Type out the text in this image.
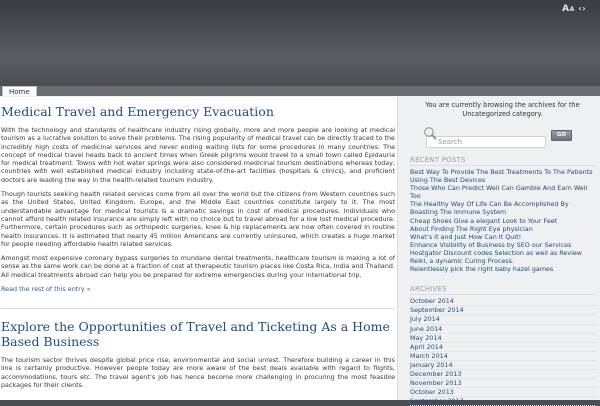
AA ‹›
Home
Medical Travel and Emergency Evacuation

With the technology and standards of healthcare industry rising globally, more and more people are looking at medical tourism as a lucrative solution to solve their problems. The rising popularity of medical travel can be directly traced to the incredibly high costs of medicinal services and never ending waiting lists for some procedures in many countries. The concept of medical travel heads back to ancient times when Greek pilgrims would travel to a small town called Epidauria for medical treatment. Towns with hot water springs were also considered medicinal tourism destinations whereas today, countries with well established medical industry including state-of-the-art facilities (hospitals & clinics), and proficient doctors are leading the way in the health-related tourism industry.

Though tourists seeking health related services come from all over the world but the citizens from Western countries such as the United States, United Kingdom, Europe, and the Middle East countries constitute largely to it. The most understandable advantage for medical tourists is a dramatic savings in cost of medical procedures. Individuals who cannot afford health related insurance are simply left with no choice but to travel abroad for a low lost medical procedure. Furthermore, certain procedures such as orthopedic surgeries, knee & hip replacements are now often covered in routine health insurances. It is estimated that nearly 45 million Americans are currently uninsured, which creates a huge market for people needing affordable health related services.

Amongst most expensive coronary bypass surgeries to mundane dental treatments, healthcare tourism is making a lot of sense as the same work can be done at a fraction of cost at therapeutic tourism places like Costa Rica, India and Thailand. All medical treatments abroad can help you be prepared for extreme emergencies during your international trip.

Read the rest of this entry »
Explore the Opportunities of Travel and Ticketing As a Home Based Business

The tourism sector thrives despite global price rise, environmental and social unrest. Therefore building a career in this line is certainly productive. However people today are more aware of the best deals available with regard to flights, accommodations, tours etc. The travel agent’s job has hence become more challenging in procuring the most feasible packages for their clients.

You are currently browsing the archives for the Uncategorized category.
Search
GO
RECENT POSTS
Best Way To Provide The Best Treatments To The Patients Using The Best Devices
Those Who Can Predict Well Can Gamble And Earn Well Too
The Healthy Way Of Life Can Be Accomplished By Boasting The Immune System
Cheap Shoes Give a elegant Look to Your Feet
About Finding The Right Eye physician
What’s it and Just How Can It Quit!
Enhance Visibility of Business by SEO our Services
Hostgator Discount codes Selection as well as Review
Reiki, a dynamic Curing Process.
Relentlessly pick the right baby hazel games
ARCHIVES
October 2014
September 2014
July 2014
June 2014
May 2014
April 2014
March 2014
January 2014
December 2013
November 2013
October 2013
September 2013
